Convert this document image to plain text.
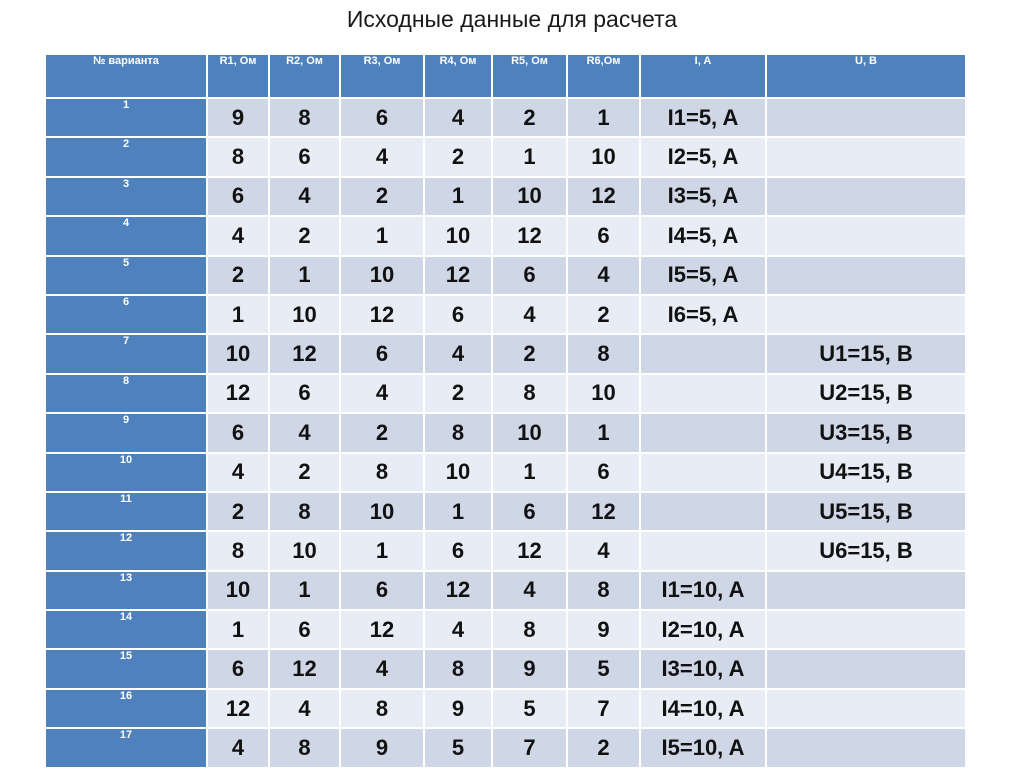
Исходные данные для расчета
№ варианта	R1, Ом	R2, Ом	R3, Ом	R4, Ом	R5, Ом	R6,Ом	I, A	U, B
1	9	8	6	4	2	1	I1=5, A	
2	8	6	4	2	1	10	I2=5, A	
3	6	4	2	1	10	12	I3=5, A	
4	4	2	1	10	12	6	I4=5, A	
5	2	1	10	12	6	4	I5=5, A	
6	1	10	12	6	4	2	I6=5, A	
7	10	12	6	4	2	8		U1=15, B
8	12	6	4	2	8	10		U2=15, B
9	6	4	2	8	10	1		U3=15, B
10	4	2	8	10	1	6		U4=15, B
11	2	8	10	1	6	12		U5=15, B
12	8	10	1	6	12	4		U6=15, B
13	10	1	6	12	4	8	I1=10, A	
14	1	6	12	4	8	9	I2=10, A	
15	6	12	4	8	9	5	I3=10, A	
16	12	4	8	9	5	7	I4=10, A	
17	4	8	9	5	7	2	I5=10, A	
